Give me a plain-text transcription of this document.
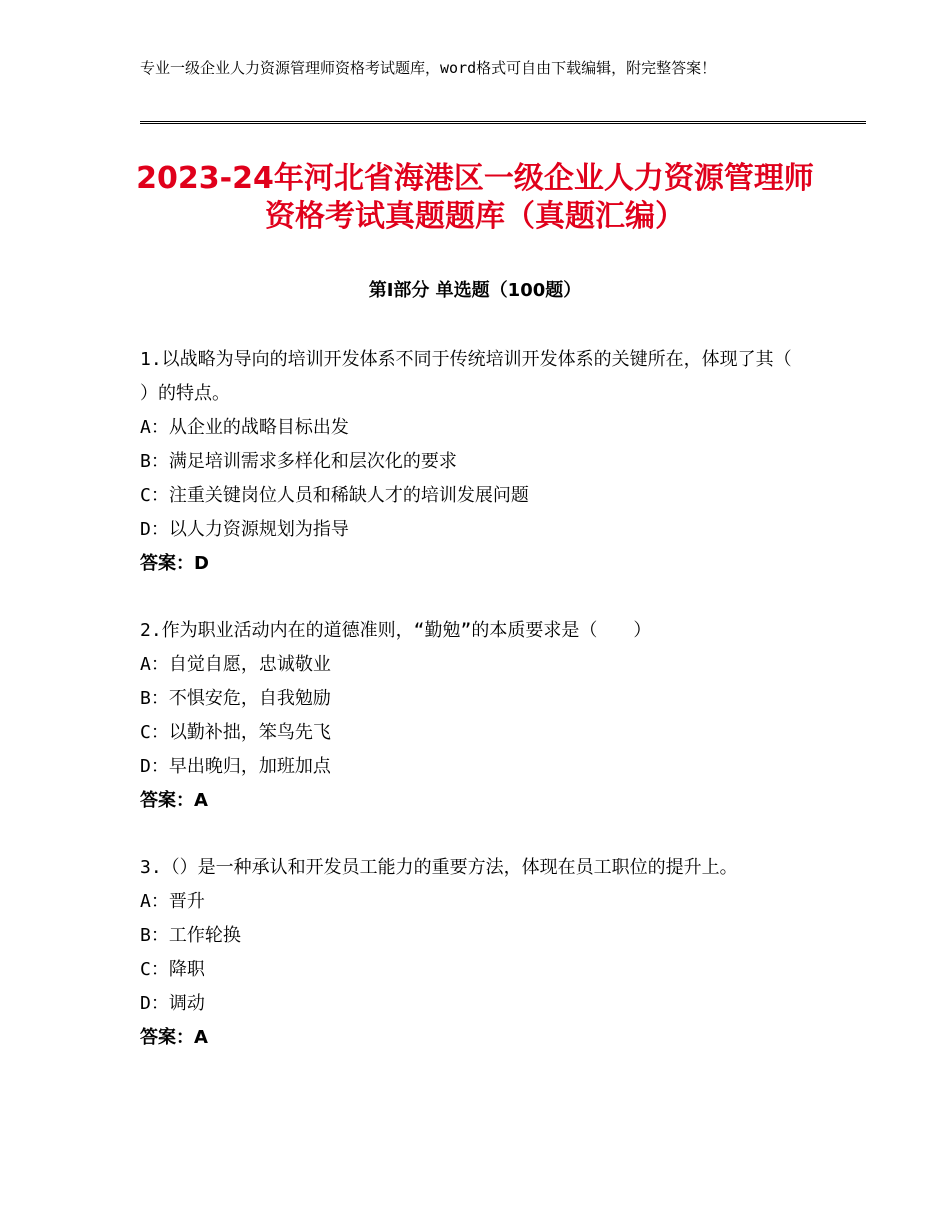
专业一级企业人力资源管理师资格考试题库，word格式可自由下载编辑，附完整答案！
2023-24年河北省海港区一级企业人力资源管理师资格考试真题题库（真题汇编）
第Ⅰ部分 单选题（100题）
1.以战略为导向的培训开发体系不同于传统培训开发体系的关键所在，体现了其（ ）的特点。
A：从企业的战略目标出发
B：满足培训需求多样化和层次化的要求
C：注重关键岗位人员和稀缺人才的培训发展问题
D：以人力资源规划为指导
答案：D
2.作为职业活动内在的道德准则，“勤勉”的本质要求是（　　）
A：自觉自愿，忠诚敬业
B：不惧安危，自我勉励
C：以勤补拙，笨鸟先飞
D：早出晚归，加班加点
答案：A
3.（）是一种承认和开发员工能力的重要方法，体现在员工职位的提升上。
A：晋升
B：工作轮换
C：降职
D：调动
答案：A
